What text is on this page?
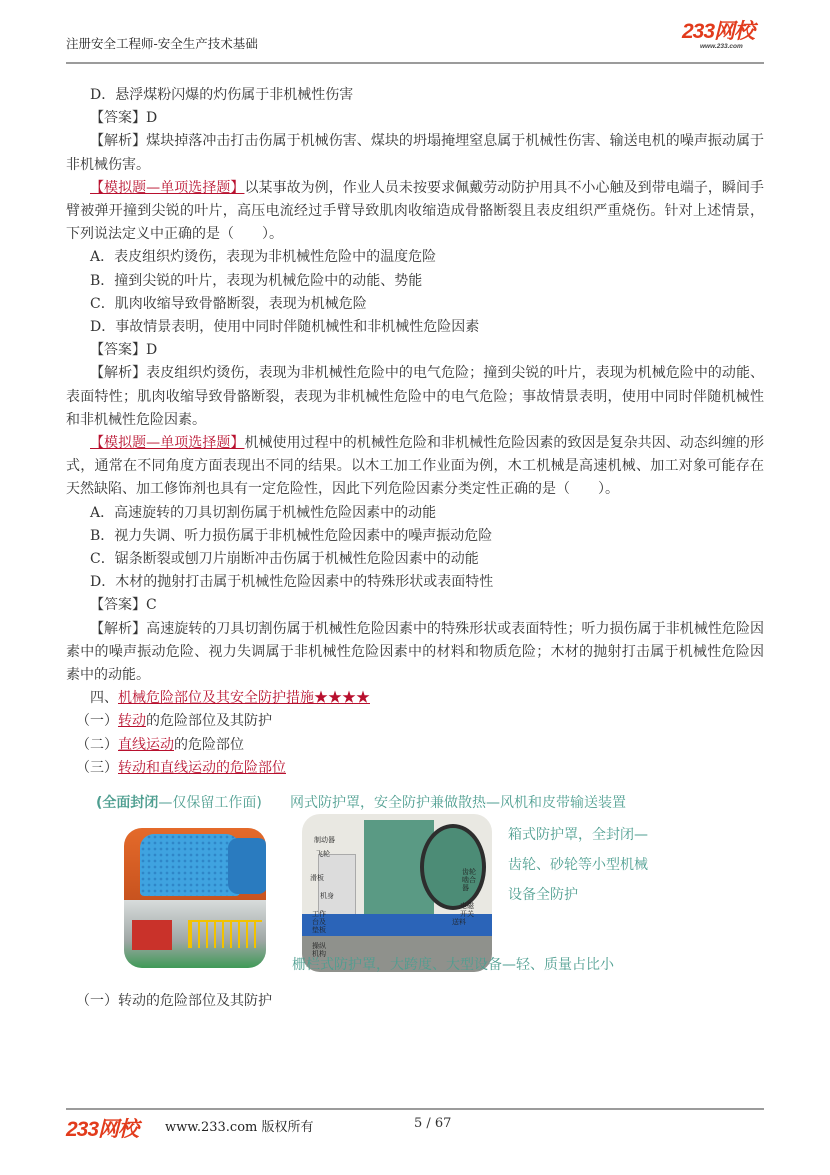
注册安全工程师-安全生产技术基础
233网校
www.233.com

D．悬浮煤粉闪爆的灼伤属于非机械性伤害

【答案】D

【解析】煤块掉落冲击打击伤属于机械伤害、煤块的坍塌掩埋窒息属于机械性伤害、输送电机的噪声振动属于非机械伤害。

【模拟题—单项选择题】以某事故为例，作业人员未按要求佩戴劳动防护用具不小心触及到带电端子，瞬间手臂被弹开撞到尖锐的叶片，高压电流经过手臂导致肌肉收缩造成骨骼断裂且表皮组织严重烧伤。针对上述情景，下列说法定义中正确的是（　　）。

A．表皮组织灼烫伤，表现为非机械性危险中的温度危险

B．撞到尖锐的叶片，表现为机械危险中的动能、势能

C．肌肉收缩导致骨骼断裂，表现为机械危险

D．事故情景表明，使用中同时伴随机械性和非机械性危险因素

【答案】D

【解析】表皮组织灼烫伤，表现为非机械性危险中的电气危险；撞到尖锐的叶片，表现为机械危险中的动能、表面特性；肌肉收缩导致骨骼断裂，表现为非机械性危险中的电气危险；事故情景表明，使用中同时伴随机械性和非机械性危险因素。

【模拟题—单项选择题】机械使用过程中的机械性危险和非机械性危险因素的致因是复杂共因、动态纠缠的形式，通常在不同角度方面表现出不同的结果。以木工加工作业面为例，木工机械是高速机械、加工对象可能存在天然缺陷、加工修饰剂也具有一定危险性，因此下列危险因素分类定性正确的是（　　）。

A．高速旋转的刀具切割伤属于机械性危险因素中的动能

B．视力失调、听力损伤属于非机械性危险因素中的噪声振动危险

C．锯条断裂或刨刀片崩断冲击伤属于机械性危险因素中的动能

D．木材的抛射打击属于机械性危险因素中的特殊形状或表面特性

【答案】C

【解析】高速旋转的刀具切割伤属于机械性危险因素中的特殊形状或表面特性；听力损伤属于非机械性危险因素中的噪声振动危险、视力失调属于非机械性危险因素中的材料和物质危险；木材的抛射打击属于机械性危险因素中的动能。

四、机械危险部位及其安全防护措施★★★★

（一）转动的危险部位及其防护

（二）直线运动的危险部位

（三）转动和直线运动的危险部位

(全面封闭—仅保留工作面) 网式防护罩，安全防护兼做散热—风机和皮带输送装置
制动器
飞轮
滑板
机身
工作台及垫板
操纵机构
齿轮啮合器
电磁开关
送料
箱式防护罩，全封闭—
齿轮、砂轮等小型机械
设备全防护
栅栏式防护罩，大跨度、大型设备—轻、质量占比小

（一）转动的危险部位及其防护

233网校 www.233.com 版权所有	5 / 67
